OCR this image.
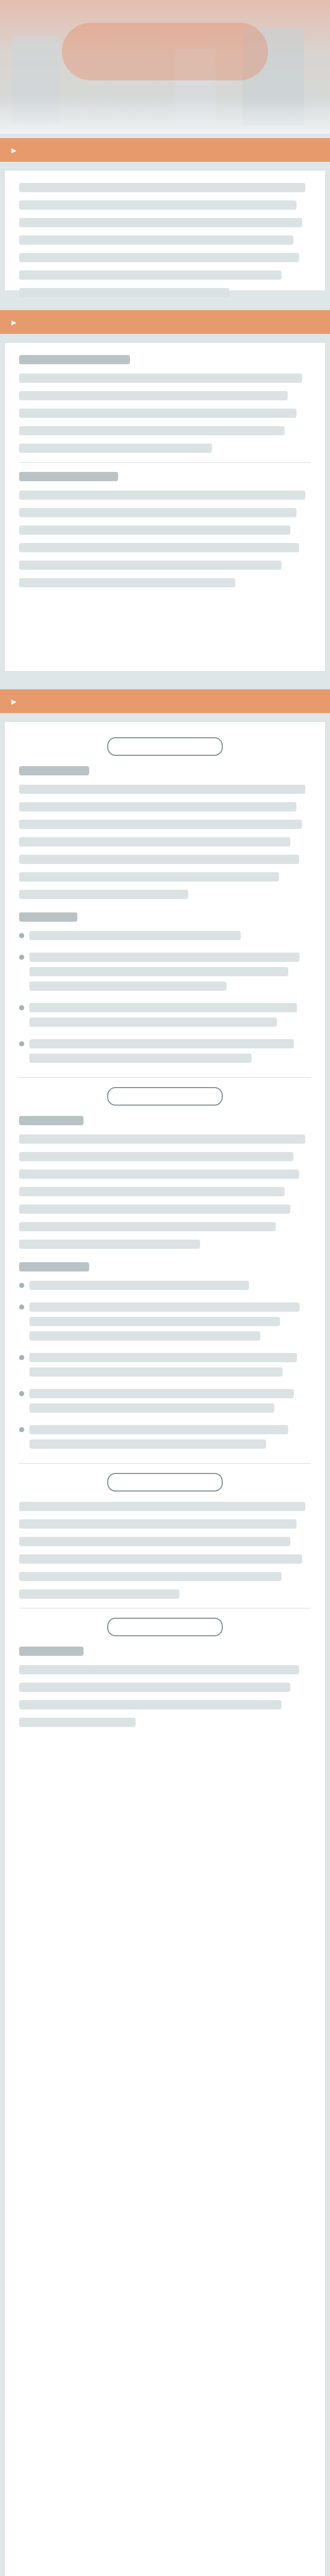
▸
▸
▸
